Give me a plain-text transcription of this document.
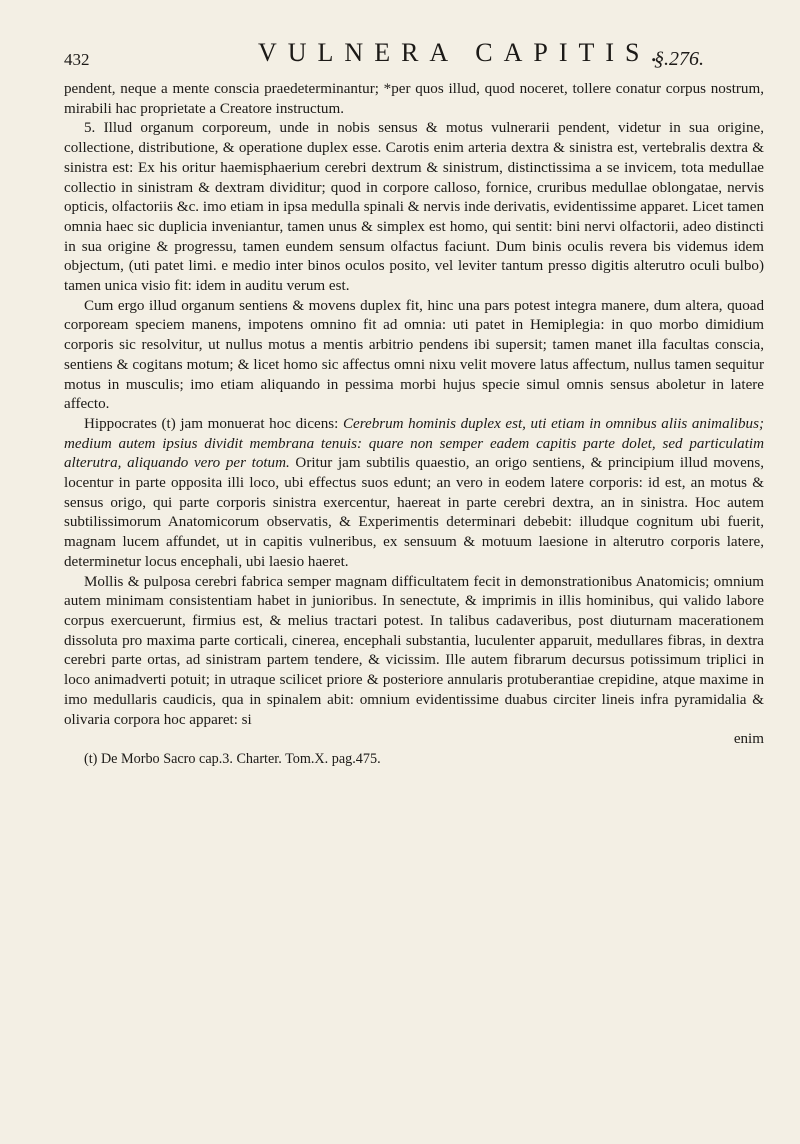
432	VULNERA CAPITIS.
§.276.

pendent, neque a mente conscia praedeterminantur; *per quos illud, quod noceret, tollere conatur corpus nostrum, mirabili hac proprietate a Creatore instructum.

5. Illud organum corporeum, unde in nobis sensus & motus vulnerarii pendent, videtur in sua origine, collectione, distributione, & operatione duplex esse. Carotis enim arteria dextra & sinistra est, vertebralis dextra & sinistra est: Ex his oritur haemisphaerium cerebri dextrum & sinistrum, distinctissima a se invicem, tota medullae collectio in sinistram & dextram dividitur; quod in corpore calloso, fornice, cruribus medullae oblongatae, nervis opticis, olfactoriis &c. imo etiam in ipsa medulla spinali & nervis inde derivatis, evidentissime apparet. Licet tamen omnia haec sic duplicia inveniantur, tamen unus & simplex est homo, qui sentit: bini nervi olfactorii, adeo distincti in sua origine & progressu, tamen eundem sensum olfactus faciunt. Dum binis oculis revera bis videmus idem objectum, (uti patet limi. e medio inter binos oculos posito, vel leviter tantum presso digitis alterutro oculi bulbo) tamen unica visio fit: idem in auditu verum est.

Cum ergo illud organum sentiens & movens duplex fit, hinc una pars potest integra manere, dum altera, quoad corpoream speciem manens, impotens omnino fit ad omnia: uti patet in Hemiplegia: in quo morbo dimidium corporis sic resolvitur, ut nullus motus a mentis arbitrio pendens ibi supersit; tamen manet illa facultas conscia, sentiens & cogitans motum; & licet homo sic affectus omni nixu velit movere latus affectum, nullus tamen sequitur motus in musculis; imo etiam aliquando in pessima morbi hujus specie simul omnis sensus aboletur in latere affecto.

Hippocrates (t) jam monuerat hoc dicens: Cerebrum hominis duplex est, uti etiam in omnibus aliis animalibus; medium autem ipsius dividit membrana tenuis: quare non semper eadem capitis parte dolet, sed particulatim alterutra, aliquando vero per totum. Oritur jam subtilis quaestio, an origo sentiens, & principium illud movens, locentur in parte opposita illi loco, ubi effectus suos edunt; an vero in eodem latere corporis: id est, an motus & sensus origo, qui parte corporis sinistra exercentur, haereat in parte cerebri dextra, an in sinistra. Hoc autem subtilissimorum Anatomicorum observatis, & Experimentis determinari debebit: illudque cognitum ubi fuerit, magnam lucem affundet, ut in capitis vulneribus, ex sensuum & motuum laesione in alterutro corporis latere, determinetur locus encephali, ubi laesio haeret.

Mollis & pulposa cerebri fabrica semper magnam difficultatem fecit in demonstrationibus Anatomicis; omnium autem minimam consistentiam habet in junioribus. In senectute, & imprimis in illis hominibus, qui valido labore corpus exercuerunt, firmius est, & melius tractari potest. In talibus cadaveribus, post diuturnam macerationem dissoluta pro maxima parte corticali, cinerea, encephali substantia, luculenter apparuit, medullares fibras, in dextra cerebri parte ortas, ad sinistram partem tendere, & vicissim. Ille autem fibrarum decursus potissimum triplici in loco animadverti potuit; in utraque scilicet priore & posteriore annularis protuberantiae crepidine, atque maxime in imo medullaris caudicis, qua in spinalem abit: omnium evidentissime duabus circiter lineis infra pyramidalia & olivaria corpora hoc apparet: si

enim

(t) De Morbo Sacro cap.3. Charter. Tom.X. pag.475.
